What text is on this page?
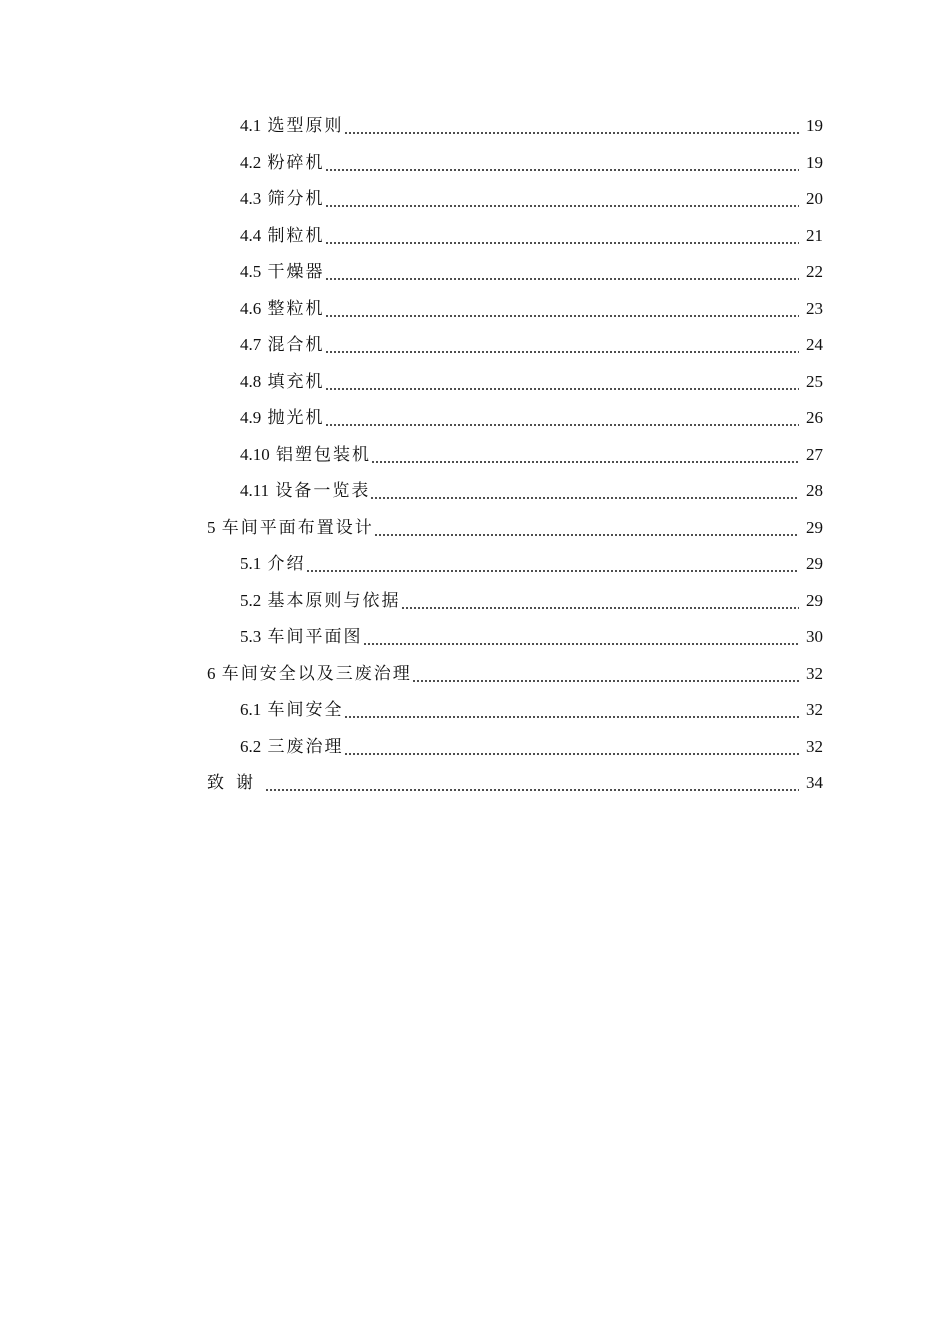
4.1 选型原则	19
4.2 粉碎机	19
4.3 筛分机	20
4.4 制粒机	21
4.5 干燥器	22
4.6 整粒机	23
4.7 混合机	24
4.8 填充机	25
4.9 抛光机	26
4.10 铝塑包装机	27
4.11 设备一览表	28
5 车间平面布置设计	29
5.1 介绍	29
5.2 基本原则与依据	29
5.3 车间平面图	30
6 车间安全以及三废治理	32
6.1 车间安全	32
6.2 三废治理	32
致谢	34
